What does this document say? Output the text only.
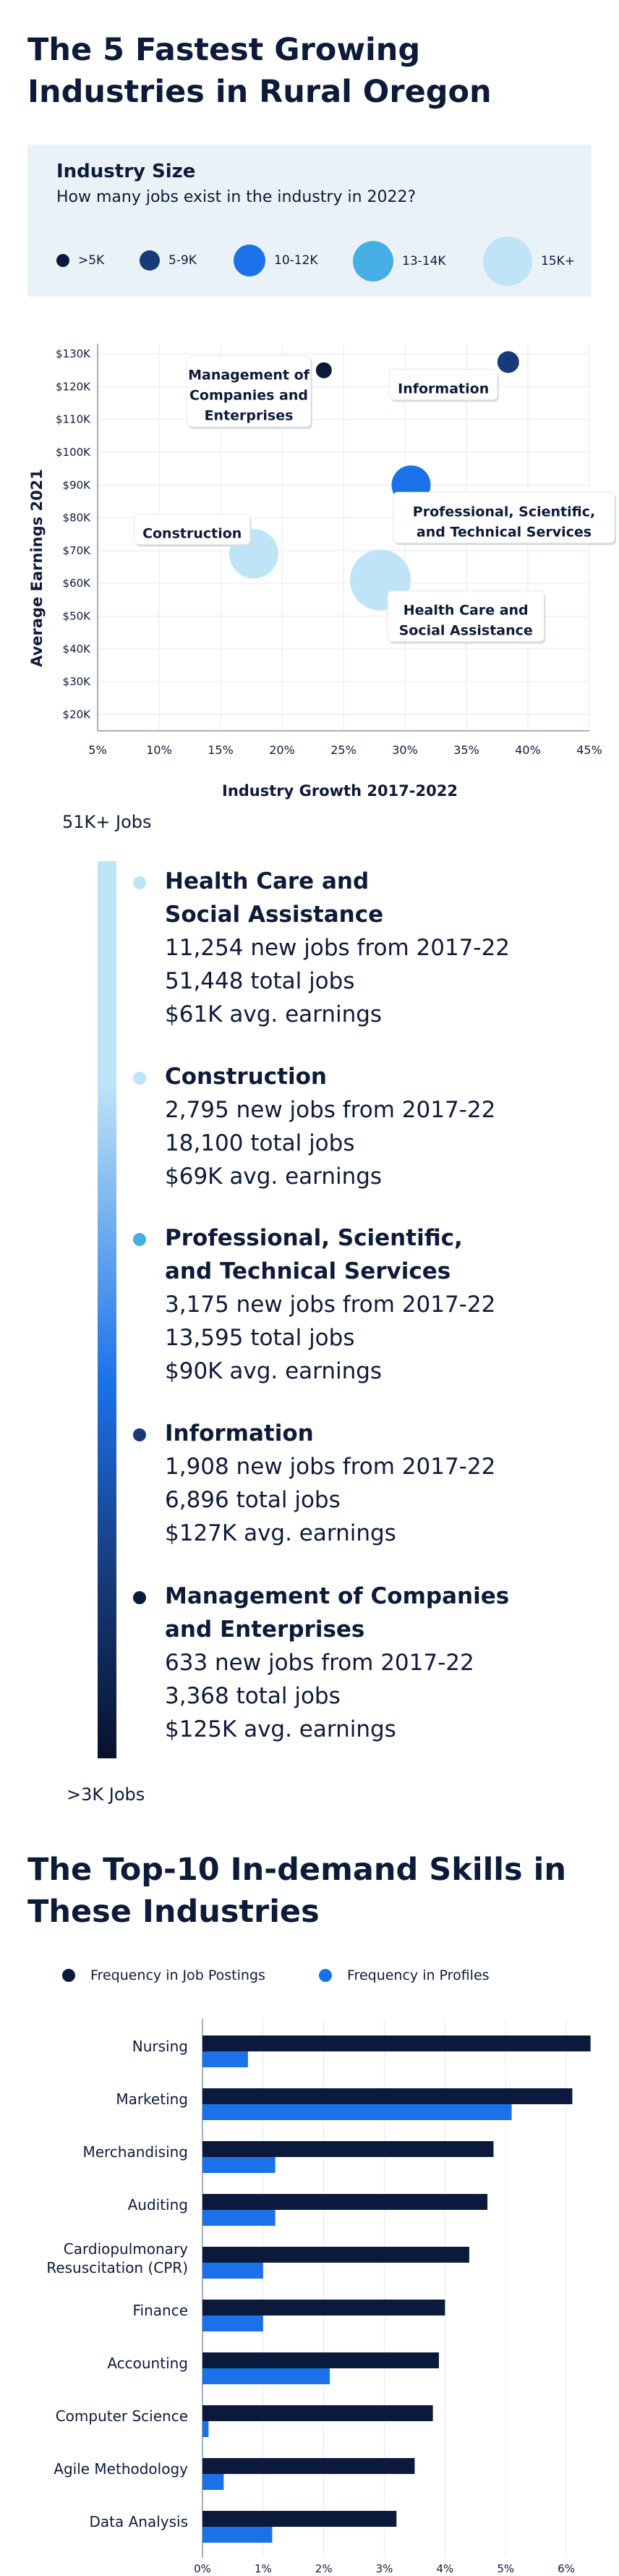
The 5 Fastest Growing
Industries in Rural Oregon
Industry Size
How many jobs exist in the industry in 2022?
>5K	5-9K	10-12K	13-14K	15K+
5%	10%	15%	20%	25%	30%	35%	40%	45%
$20K
$30K
$40K
$50K
$60K
$70K
$80K
$90K
$100K
$110K
$120K
$130K
Management of
Companies and
Enterprises
Information
Professional, Scientific,
and Technical Services
Construction
Health Care and
Social Assistance
Industry Growth 2017-2022
Average Earnings 2021
51K+ Jobs
>3K Jobs
Health Care and
Social Assistance
11,254 new jobs from 2017-22
51,448 total jobs
$61K avg. earnings
Construction
2,795 new jobs from 2017-22
18,100 total jobs
$69K avg. earnings
Professional, Scientific,
and Technical Services
3,175 new jobs from 2017-22
13,595 total jobs
$90K avg. earnings
Information
1,908 new jobs from 2017-22
6,896 total jobs
$127K avg. earnings
Management of Companies
and Enterprises
633 new jobs from 2017-22
3,368 total jobs
$125K avg. earnings
The Top-10 In-demand Skills in
These Industries
Frequency in Job Postings	Frequency in Profiles
Nursing
Marketing
Merchandising
Auditing
Cardiopulmonary
Resuscitation (CPR)
Finance
Accounting
Computer Science
Agile Methodology
Data Analysis
0%	1%	2%	3%	4%	5%	6%
